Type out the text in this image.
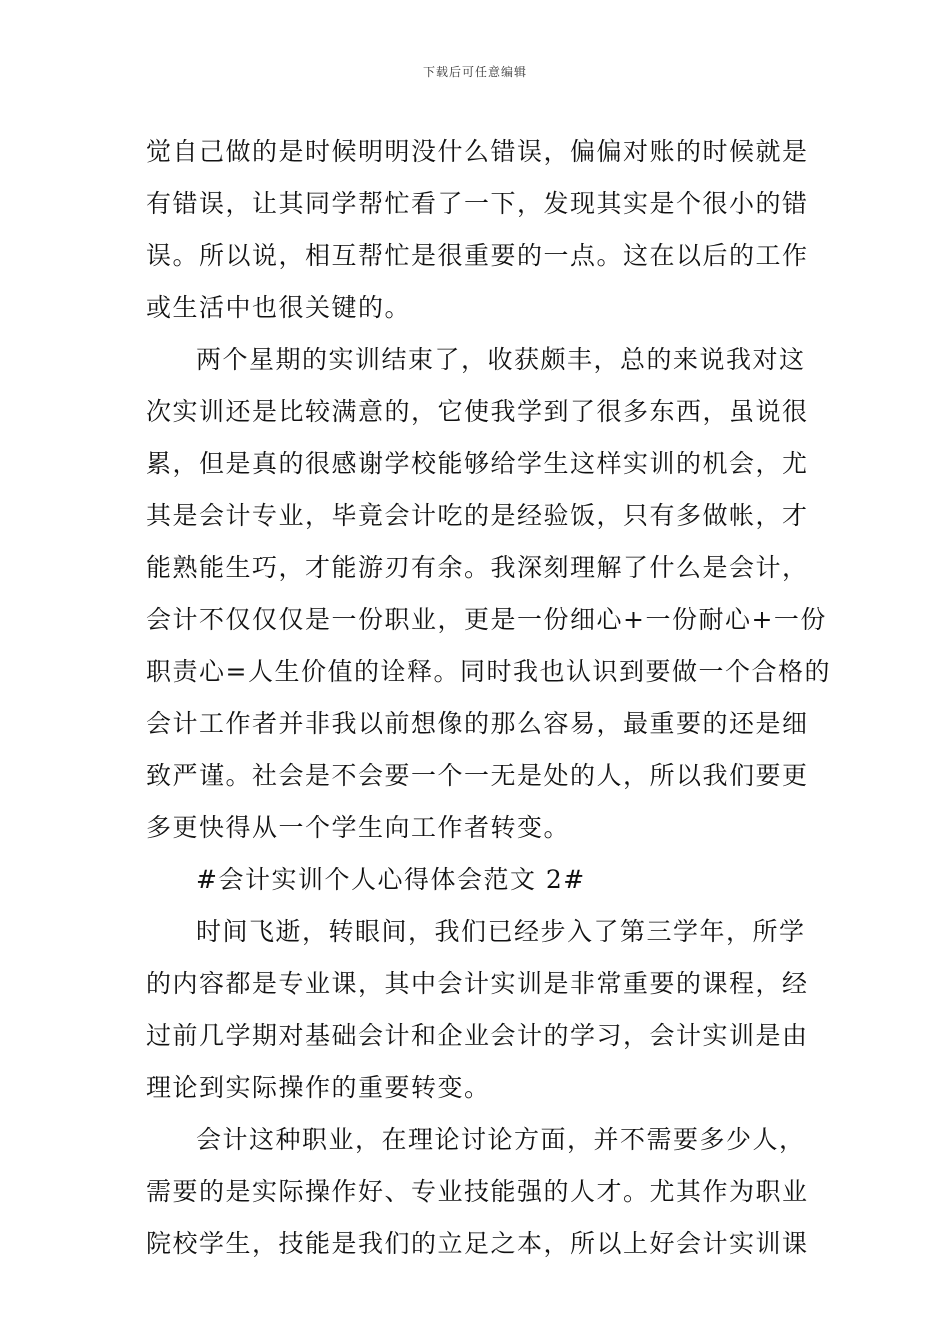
下载后可任意编辑
觉自己做的是时候明明没什么错误，偏偏对账的时候就是
有错误，让其同学帮忙看了一下，发现其实是个很小的错
误。所以说，相互帮忙是很重要的一点。这在以后的工作
或生活中也很关键的。
两个星期的实训结束了，收获颇丰，总的来说我对这
次实训还是比较满意的，它使我学到了很多东西，虽说很
累，但是真的很感谢学校能够给学生这样实训的机会，尤
其是会计专业，毕竟会计吃的是经验饭，只有多做帐，才
能熟能生巧，才能游刃有余。我深刻理解了什么是会计，
会计不仅仅仅是一份职业，更是一份细心+一份耐心+一份
职责心=人生价值的诠释。同时我也认识到要做一个合格的
会计工作者并非我以前想像的那么容易，最重要的还是细
致严谨。社会是不会要一个一无是处的人，所以我们要更
多更快得从一个学生向工作者转变。
#会计实训个人心得体会范文 2#
时间飞逝，转眼间，我们已经步入了第三学年，所学
的内容都是专业课，其中会计实训是非常重要的课程，经
过前几学期对基础会计和企业会计的学习，会计实训是由
理论到实际操作的重要转变。
会计这种职业，在理论讨论方面，并不需要多少人，
需要的是实际操作好、专业技能强的人才。尤其作为职业
院校学生，技能是我们的立足之本，所以上好会计实训课
